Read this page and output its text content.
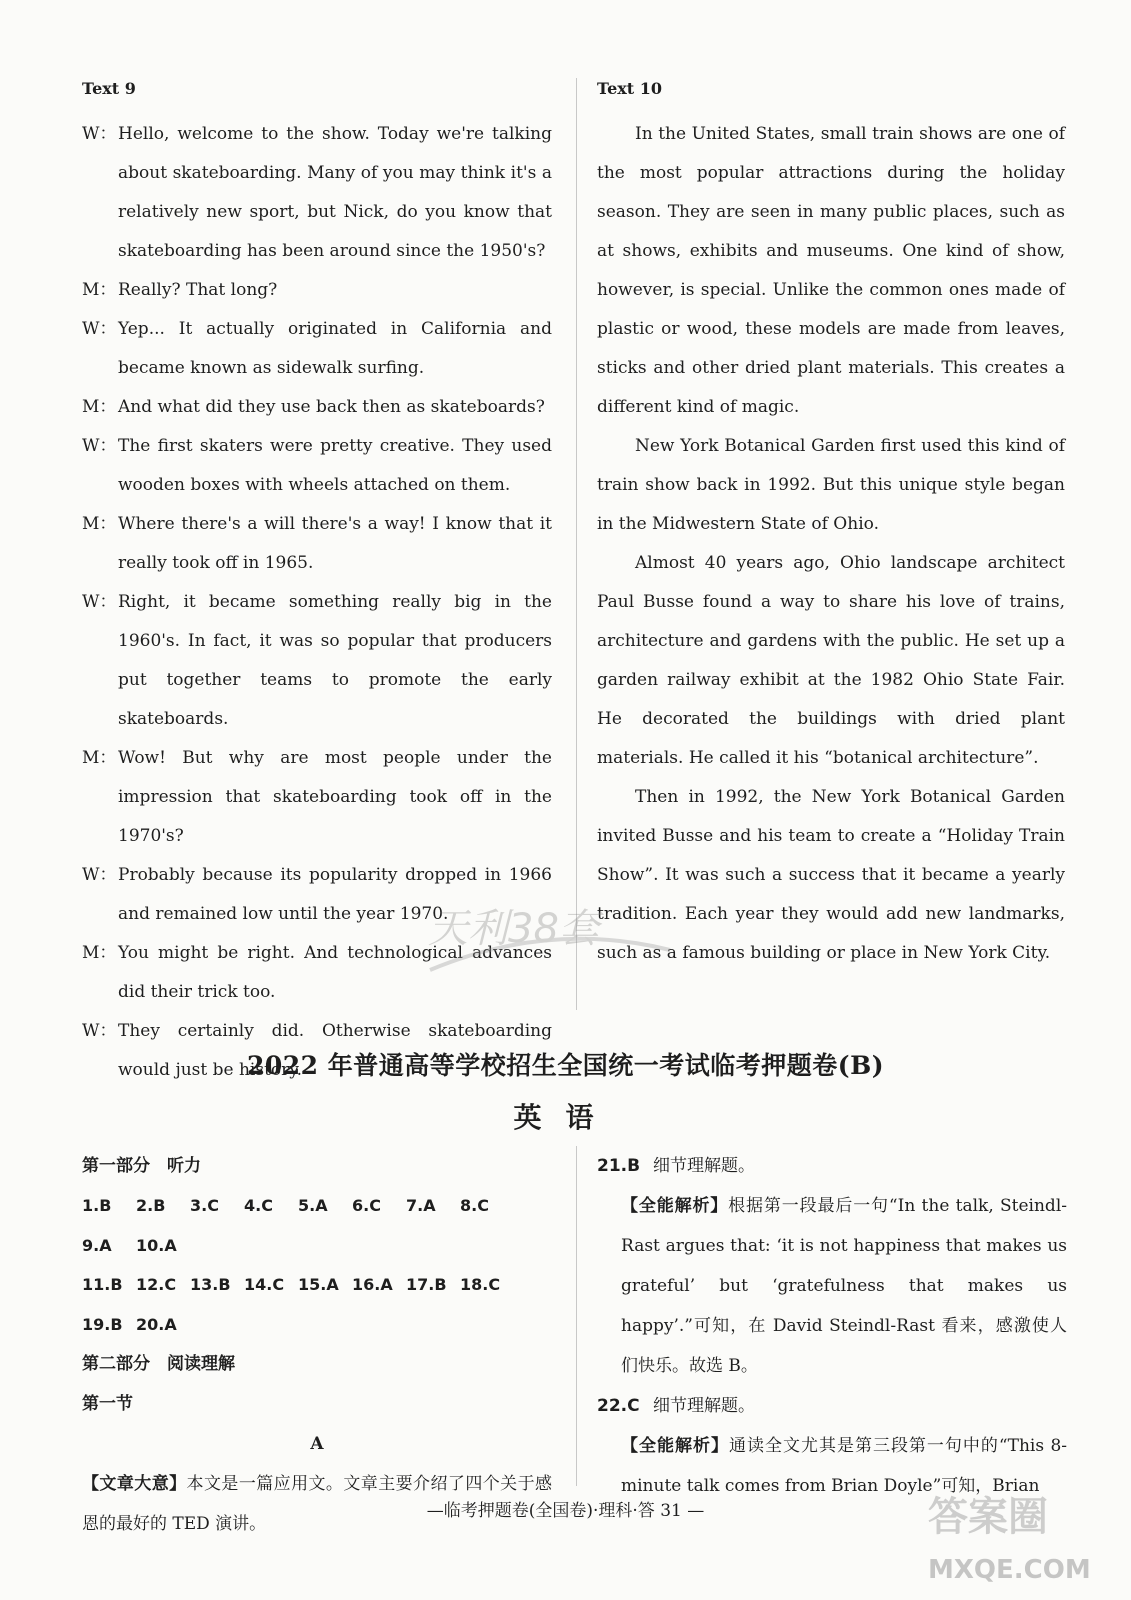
Text 9

W：Hello, welcome to the show. Today we're talking about skateboarding. Many of you may think it's a relatively new sport, but Nick, do you know that skateboarding has been around since the 1950's?

M：Really? That long?

W：Yep... It actually originated in California and became known as sidewalk surfing.

M：And what did they use back then as skateboards?

W：The first skaters were pretty creative. They used wooden boxes with wheels attached on them.

M：Where there's a will there's a way! I know that it really took off in 1965.

W：Right, it became something really big in the 1960's. In fact, it was so popular that producers put together teams to promote the early skateboards.

M：Wow! But why are most people under the impression that skateboarding took off in the 1970's?

W：Probably because its popularity dropped in 1966 and remained low until the year 1970.

M：You might be right. And technological advances did their trick too.

W：They certainly did. Otherwise skateboarding would just be history.

Text 10

In the United States, small train shows are one of the most popular attractions during the holiday season. They are seen in many public places, such as at shows, exhibits and museums. One kind of show, however, is special. Unlike the common ones made of plastic or wood, these models are made from leaves, sticks and other dried plant materials. This creates a different kind of magic.

New York Botanical Garden first used this kind of train show back in 1992. But this unique style began in the Midwestern State of Ohio.

Almost 40 years ago, Ohio landscape architect Paul Busse found a way to share his love of trains, architecture and gardens with the public. He set up a garden railway exhibit at the 1982 Ohio State Fair. He decorated the buildings with dried plant materials. He called it his “botanical architecture”.

Then in 1992, the New York Botanical Garden invited Busse and his team to create a “Holiday Train Show”. It was such a success that it became a yearly tradition. Each year they would add new landmarks, such as a famous building or place in New York City.

天利38套
2022 年普通高等学校招生全国统一考试临考押题卷(B)
英语
第一部分　听力
1.B 2.B 3.C 4.C 5.A 6.C 7.A 8.C9.A 10.A
11.B 12.C 13.B 14.C 15.A 16.A 17.B 18.C
19.B 20.A
第二部分　阅读理解
第一节
A
【文章大意】本文是一篇应用文。文章主要介绍了四个关于感恩的最好的 TED 演讲。
21.B 细节理解题。

【全能解析】根据第一段最后一句“In the talk, Steindl-Rast argues that: ‘it is not happiness that makes us grateful’ but ‘gratefulness that makes us happy’.”可知，在 David Steindl-Rast 看来，感激使人们快乐。故选 B。

22.C 细节理解题。

【全能解析】通读全文尤其是第三段第一句中的“This 8-minute talk comes from Brian Doyle”可知，Brian

—临考押题卷(全国卷)·理科·答 31 —	答案圈
MXQE.COM
